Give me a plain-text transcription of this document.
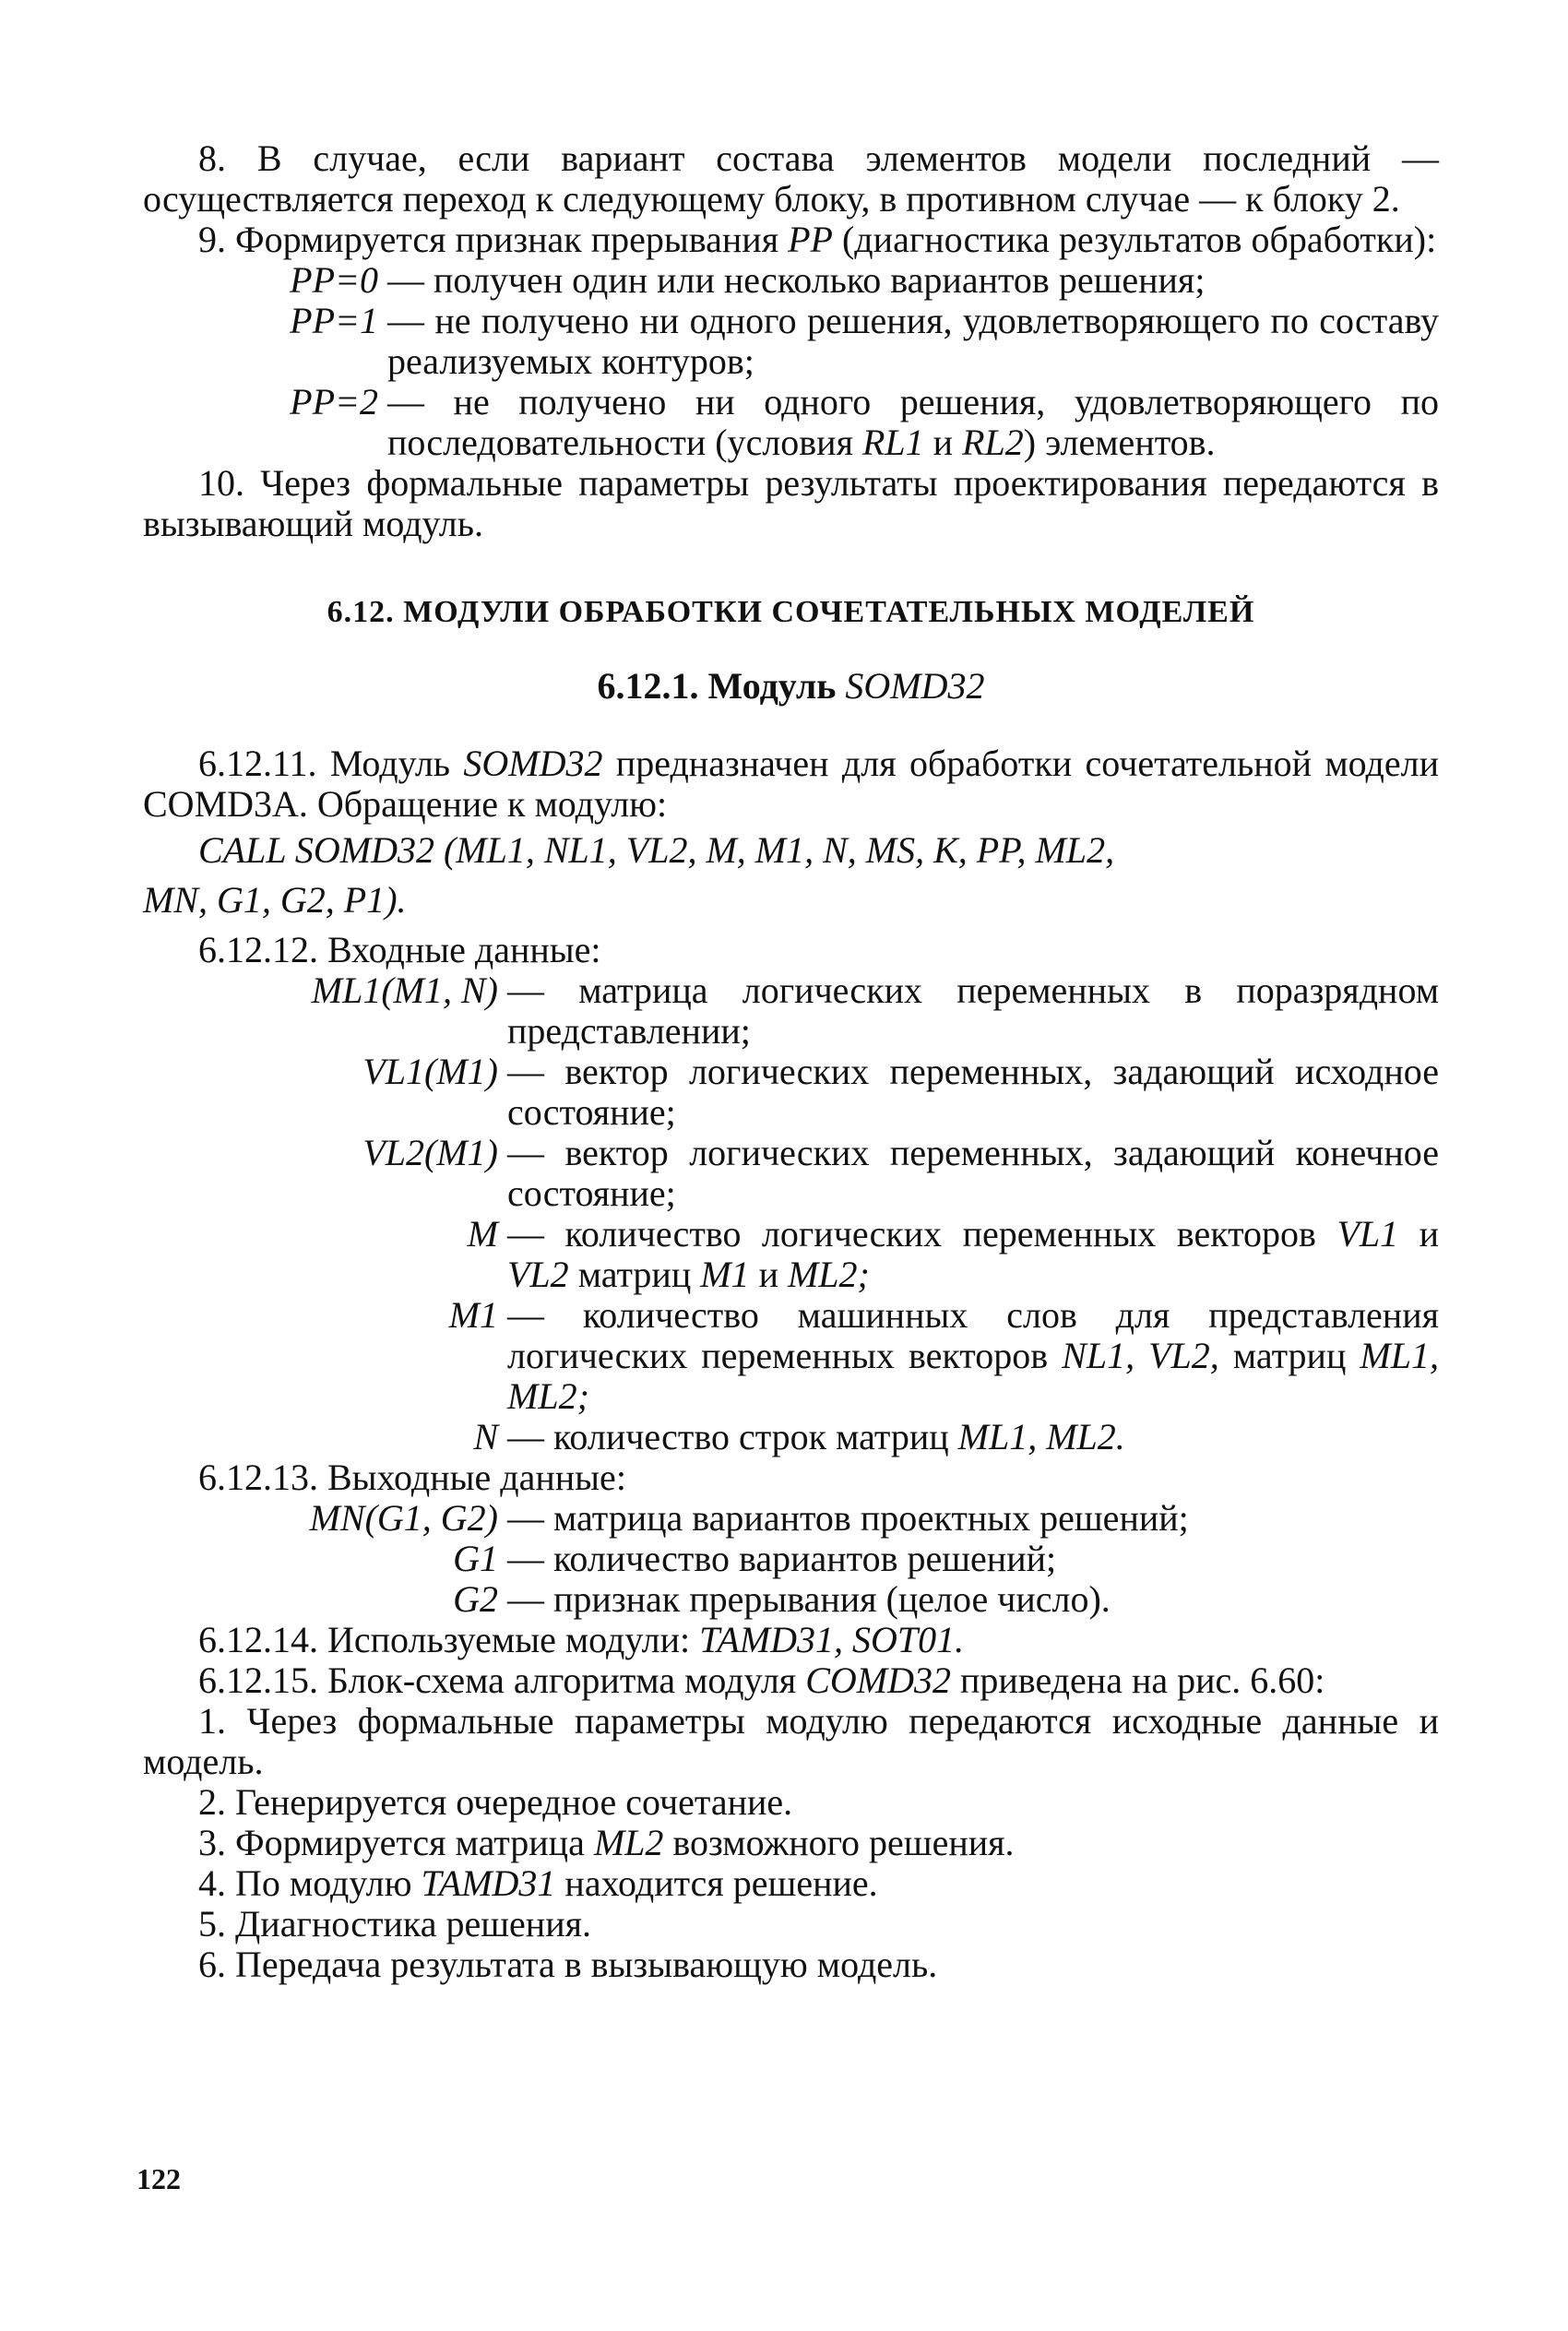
8. В случае, если вариант состава элементов модели последний — осуществляется переход к следующему блоку, в противном случае — к блоку 2.

9. Формируется признак прерывания PP (диагностика результатов обработки):

PP=0 — получен один или несколько вариантов решения;
PP=1 — не получено ни одного решения, удовлетворяющего по составу реализуемых контуров;
PP=2 — не получено ни одного решения, удовлетворяющего по последовательности (условия RL1 и RL2) элементов.

10. Через формальные параметры результаты проектирования передаются в вызывающий модуль.

6.12. МОДУЛИ ОБРАБОТКИ СОЧЕТАТЕЛЬНЫХ МОДЕЛЕЙ
6.12.1. Модуль SOMD32

6.12.11. Модуль SOMD32 предназначен для обработки сочетательной модели COMD3A. Обращение к модулю:

CALL SOMD32 (ML1, NL1, VL2, M, M1, N, MS, K, PP, ML2,

MN, G1, G2, P1).

6.12.12. Входные данные:

ML1(M1, N) — матрица логических переменных в поразрядном представлении;
VL1(M1) — вектор логических переменных, задающий исходное состояние;
VL2(M1) — вектор логических переменных, задающий конечное состояние;
M — количество логических переменных векторов VL1 и VL2 матриц M1 и ML2;
M1 — количество машинных слов для представления логических переменных векторов NL1, VL2, матриц ML1, ML2;
N — количество строк матриц ML1, ML2.

6.12.13. Выходные данные:

MN(G1, G2) — матрица вариантов проектных решений;
G1 — количество вариантов решений;
G2 — признак прерывания (целое число).

6.12.14. Используемые модули: TAMD31, SOT01.

6.12.15. Блок-схема алгоритма модуля COMD32 приведена на рис. 6.60:

1. Через формальные параметры модулю передаются исходные данные и модель.

2. Генерируется очередное сочетание.

3. Формируется матрица ML2 возможного решения.

4. По модулю TAMD31 находится решение.

5. Диагностика решения.

6. Передача результата в вызывающую модель.

122
